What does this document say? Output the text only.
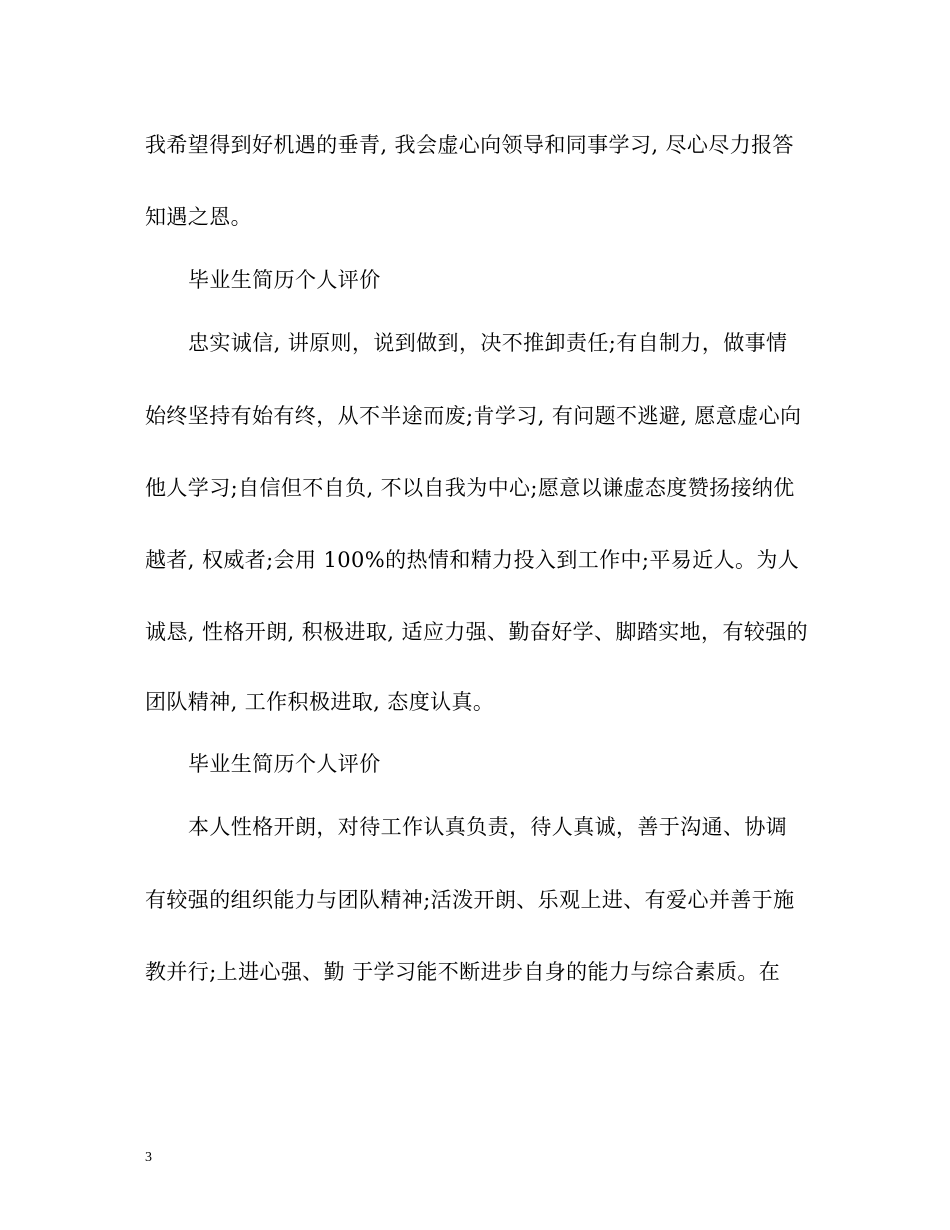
我希望得到好机遇的垂青, 我会虚心向领导和同事学习, 尽心尽力报答
知遇之恩。
毕业生简历个人评价
忠实诚信, 讲原则，说到做到，决不推卸责任;有自制力，做事情
始终坚持有始有终，从不半途而废;肯学习, 有问题不逃避, 愿意虚心向
他人学习;自信但不自负, 不以自我为中心;愿意以谦虚态度赞扬接纳优
越者, 权威者;会用 100%的热情和精力投入到工作中;平易近人。为人
诚恳, 性格开朗, 积极进取, 适应力强、勤奋好学、脚踏实地，有较强的
团队精神, 工作积极进取, 态度认真。
毕业生简历个人评价
本人性格开朗，对待工作认真负责，待人真诚，善于沟通、协调
有较强的组织能力与团队精神;活泼开朗、乐观上进、有爱心并善于施
教并行;上进心强、勤 于学习能不断进步自身的能力与综合素质。在
3
